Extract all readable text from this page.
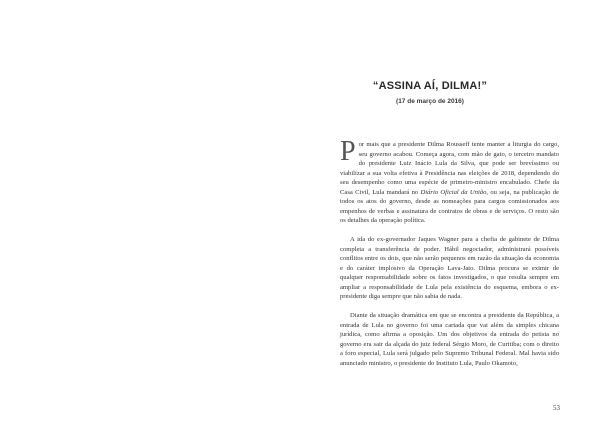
“ASSINA AÍ, DILMA!”
(17 de março de 2016)

Por mais que a presidente Dilma Rousseff tente manter a liturgia do cargo, seu governo acabou. Começa agora, com mão de gato, o terceiro mandato do presidente Luiz Inácio Lula da Silva, que pode ser brevíssimo ou viabilizar a sua volta efetiva à Presidência nas eleições de 2018, dependendo do seu desempenho como uma espécie de primeiro-ministro encabulado. Chefe da Casa Civil, Lula mandará no Diário Oficial da União, ou seja, na publicação de todos os atos do governo, desde as nomeações para cargos comissionados aos empenhos de verbas e assinatura de contratos de obras e de serviços. O resto são os detalhes da operação política.

A ida do ex-governador Jaques Wagner para a chefia de gabinete de Dilma completa a transferência de poder. Hábil negociador, administrará possíveis conflitos entre os dois, que não serão pequenos em razão da situação da economia e do caráter implosivo da Operação Lava-Jato. Dilma procura se eximir de qualquer responsabilidade sobre os fatos investigados, o que resulta sempre em ampliar a responsabilidade de Lula pela existência do esquema, embora o ex-presidente diga sempre que não sabia de nada.

Diante da situação dramática em que se encontra a presidente da República, a entrada de Lula no governo foi uma cartada que vai além da simples chicana jurídica, como afirma a oposição. Um dos objetivos da entrada do petista no governo era sair da alçada do juiz federal Sérgio Moro, de Curitiba; com o direito a foro especial, Lula será julgado pelo Supremo Tribunal Federal. Mal havia sido anunciado ministro, o presidente do Instituto Lula, Paulo Okamoto,

53
